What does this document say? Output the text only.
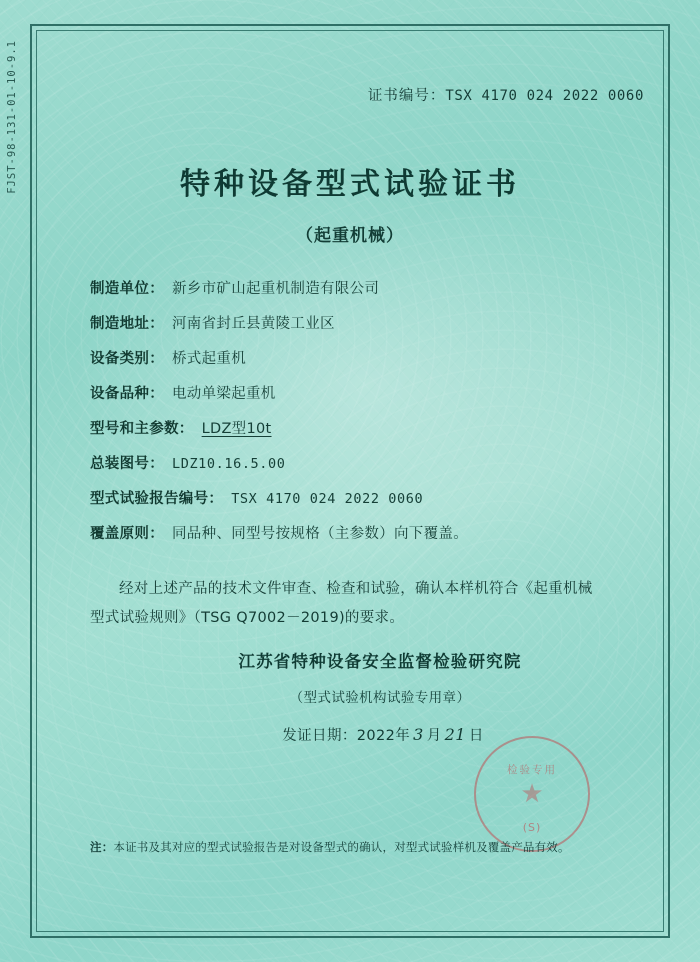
FJST-98-131-01-10-9.1	证书编号：TSX 4170 024 2022 0060
特种设备型式试验证书
（起重机械）
制造单位： 新乡市矿山起重机制造有限公司
制造地址： 河南省封丘县黄陵工业区
设备类别： 桥式起重机
设备品种： 电动单梁起重机
型号和主参数： LDZ型10t
总装图号： LDZ10.16.5.00
型式试验报告编号： TSX 4170 024 2022 0060
覆盖原则： 同品种、同型号按规格（主参数）向下覆盖。
经对上述产品的技术文件审查、检查和试验，确认本样机符合《起重机械型式试验规则》（TSG Q7002－2019)的要求。
江苏省特种设备安全监督检验研究院
（型式试验机构试验专用章）
发证日期：2022年 3 月 21 日
检验专用
★
(S)
注：本证书及其对应的型式试验报告是对设备型式的确认，对型式试验样机及覆盖产品有效。
